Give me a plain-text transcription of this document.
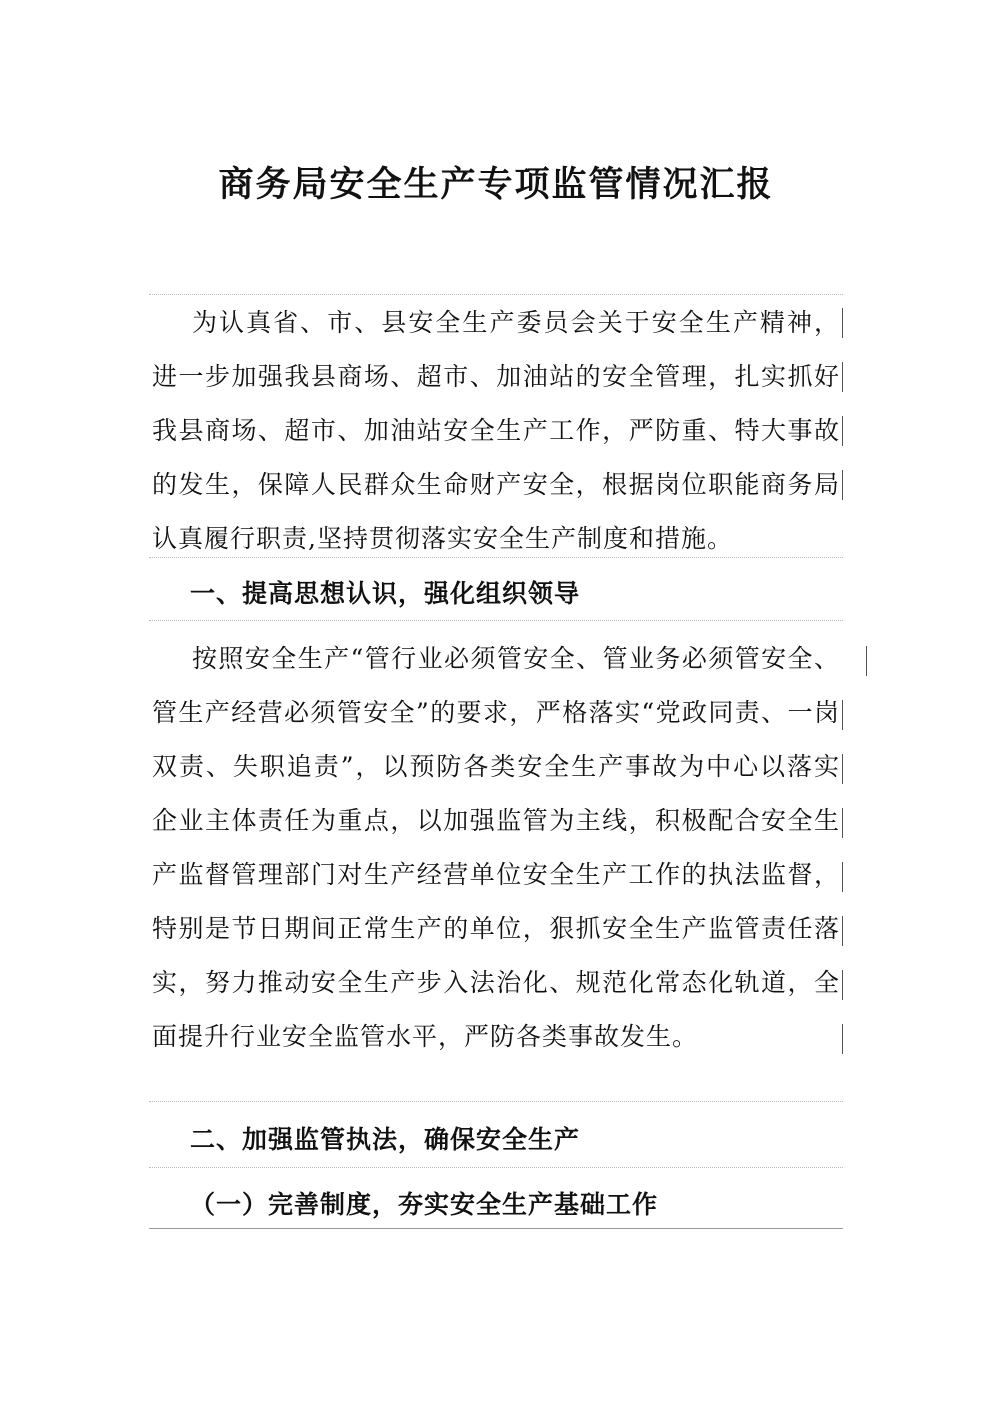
商务局安全生产专项监管情况汇报
为认真省、市、县安全生产委员会关于安全生产精神，进一步加强我县商场、超市、加油站的安全管理，扎实抓好我县商场、超市、加油站安全生产工作，严防重、特大事故的发生，保障人民群众生命财产安全，根据岗位职能商务局认真履行职责,坚持贯彻落实安全生产制度和措施。
一、提高思想认识，强化组织领导
按照安全生产“管行业必须管安全、管业务必须管安全、管生产经营必须管安全”的要求，严格落实“党政同责、一岗双责、失职追责”，以预防各类安全生产事故为中心以落实企业主体责任为重点，以加强监管为主线，积极配合安全生产监督管理部门对生产经营单位安全生产工作的执法监督，特别是节日期间正常生产的单位，狠抓安全生产监管责任落实，努力推动安全生产步入法治化、规范化常态化轨道，全面提升行业安全监管水平，严防各类事故发生。
二、加强监管执法，确保安全生产
（一）完善制度，夯实安全生产基础工作
